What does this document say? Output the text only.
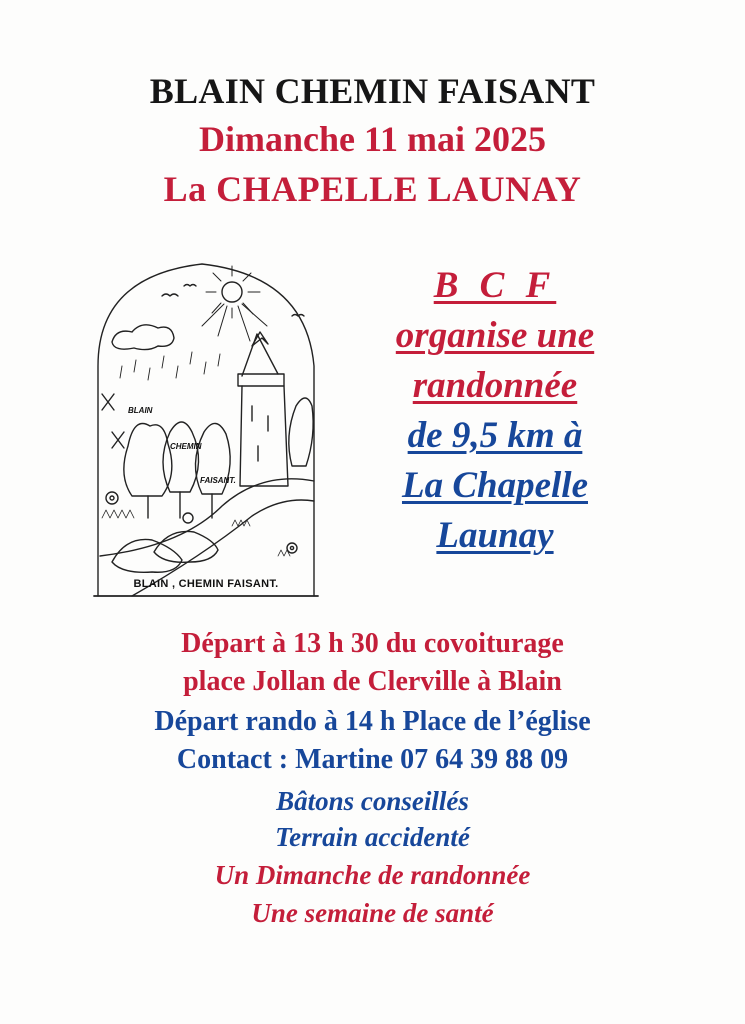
BLAIN CHEMIN FAISANT
Dimanche 11 mai 2025
La CHAPELLE LAUNAY
BLAIN
CHEMIN
FAISANT.
BLAIN , CHEMIN FAISANT.
B C F
organise une
randonnée
de 9,5 km à
La Chapelle
Launay
Départ à 13 h 30 du covoiturage
place Jollan de Clerville à Blain
Départ rando à 14 h Place de l’église
Contact : Martine 07 64 39 88 09
Bâtons conseillés
Terrain accidenté
Un Dimanche de randonnée
Une semaine de santé
